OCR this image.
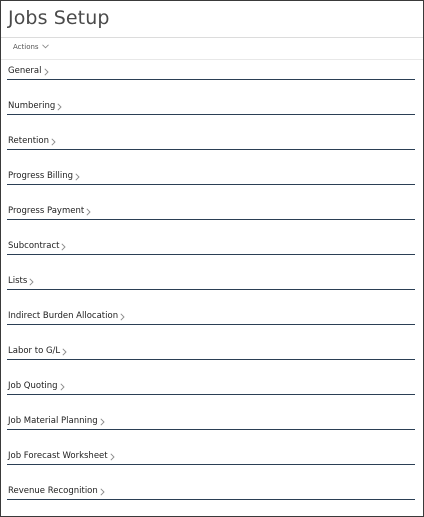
Jobs Setup
Actions
General
Numbering
Retention
Progress Billing
Progress Payment
Subcontract
Lists
Indirect Burden Allocation
Labor to G/L
Job Quoting
Job Material Planning
Job Forecast Worksheet
Revenue Recognition
